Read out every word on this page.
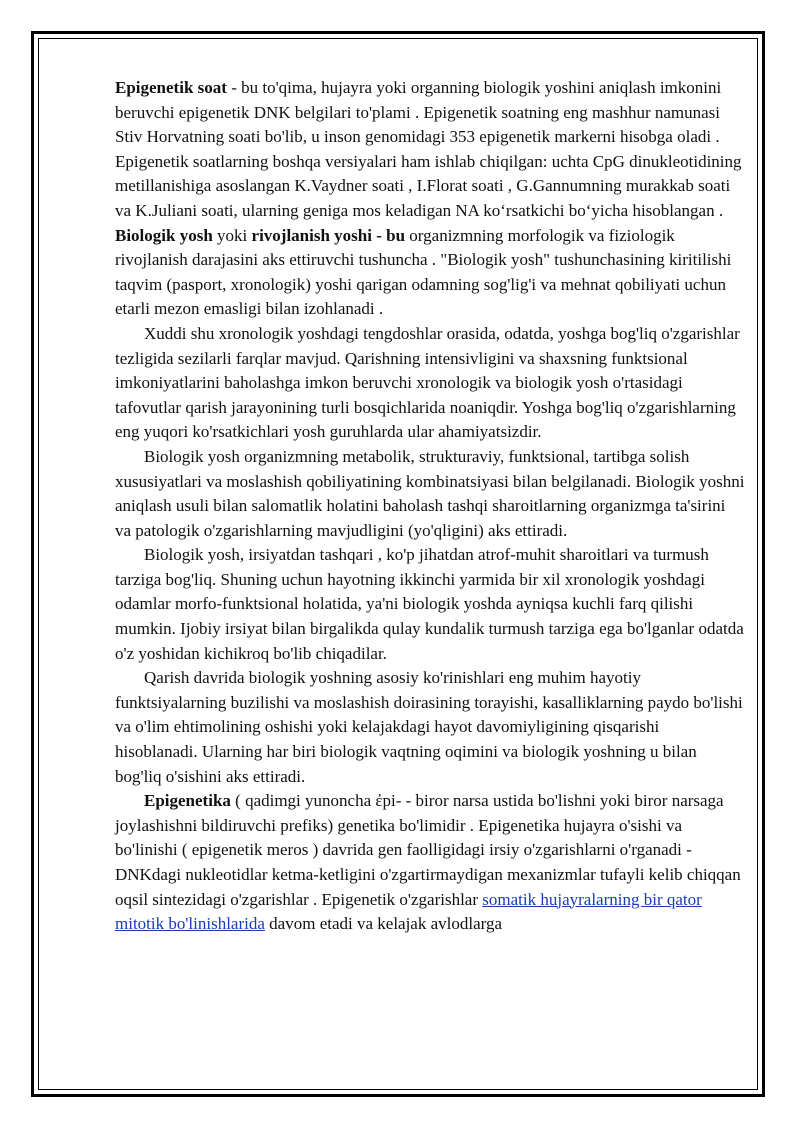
Epigenetik soat - bu to'qima, hujayra yoki organning biologik yoshini aniqlash imkonini beruvchi epigenetik DNK belgilari to'plami . Epigenetik soatning eng mashhur namunasi Stiv Horvatning soati bo'lib, u inson genomidagi 353 epigenetik markerni hisobga oladi . Epigenetik soatlarning boshqa versiyalari ham ishlab chiqilgan: uchta CpG dinukleotidining metillanishiga asoslangan K.Vaydner soati , I.Florat soati , G.Gannumning murakkab soati va K.Juliani soati, ularning geniga mos keladigan NA ko‘rsatkichi bo‘yicha hisoblangan . Biologik yosh yoki rivojlanish yoshi - bu organizmning morfologik va fiziologik rivojlanish darajasini aks ettiruvchi tushuncha . "Biologik yosh" tushunchasining kiritilishi taqvim (pasport, xronologik) yoshi qarigan odamning sog'lig'i va mehnat qobiliyati uchun etarli mezon emasligi bilan izohlanadi .

Xuddi shu xronologik yoshdagi tengdoshlar orasida, odatda, yoshga bog'liq o'zgarishlar tezligida sezilarli farqlar mavjud. Qarishning intensivligini va shaxsning funktsional imkoniyatlarini baholashga imkon beruvchi xronologik va biologik yosh o'rtasidagi tafovutlar qarish jarayonining turli bosqichlarida noaniqdir. Yoshga bog'liq o'zgarishlarning eng yuqori ko'rsatkichlari yosh guruhlarda ular ahamiyatsizdir.

Biologik yosh organizmning metabolik, strukturaviy, funktsional, tartibga solish xususiyatlari va moslashish qobiliyatining kombinatsiyasi bilan belgilanadi. Biologik yoshni aniqlash usuli bilan salomatlik holatini baholash tashqi sharoitlarning organizmga ta'sirini va patologik o'zgarishlarning mavjudligini (yo'qligini) aks ettiradi.

Biologik yosh, irsiyatdan tashqari , ko'p jihatdan atrof-muhit sharoitlari va turmush tarziga bog'liq. Shuning uchun hayotning ikkinchi yarmida bir xil xronologik yoshdagi odamlar morfo-funktsional holatida, ya'ni biologik yoshda ayniqsa kuchli farq qilishi mumkin. Ijobiy irsiyat bilan birgalikda qulay kundalik turmush tarziga ega bo'lganlar odatda o'z yoshidan kichikroq bo'lib chiqadilar.

Qarish davrida biologik yoshning asosiy ko'rinishlari eng muhim hayotiy funktsiyalarning buzilishi va moslashish doirasining torayishi, kasalliklarning paydo bo'lishi va o'lim ehtimolining oshishi yoki kelajakdagi hayot davomiyligining qisqarishi hisoblanadi. Ularning har biri biologik vaqtning oqimini va biologik yoshning u bilan bog'liq o'sishini aks ettiradi.

Epigenetika ( qadimgi yunoncha ἐpi- - biror narsa ustida bo'lishni yoki biror narsaga joylashishni bildiruvchi prefiks) genetika bo'limidir . Epigenetika hujayra o'sishi va bo'linishi ( epigenetik meros ) davrida gen faolligidagi irsiy o'zgarishlarni o'rganadi - DNKdagi nukleotidlar ketma-ketligini o'zgartirmaydigan mexanizmlar tufayli kelib chiqqan oqsil sintezidagi o'zgarishlar . Epigenetik o'zgarishlar somatik hujayralarning bir qator mitotik bo'linishlarida davom etadi va kelajak avlodlarga
